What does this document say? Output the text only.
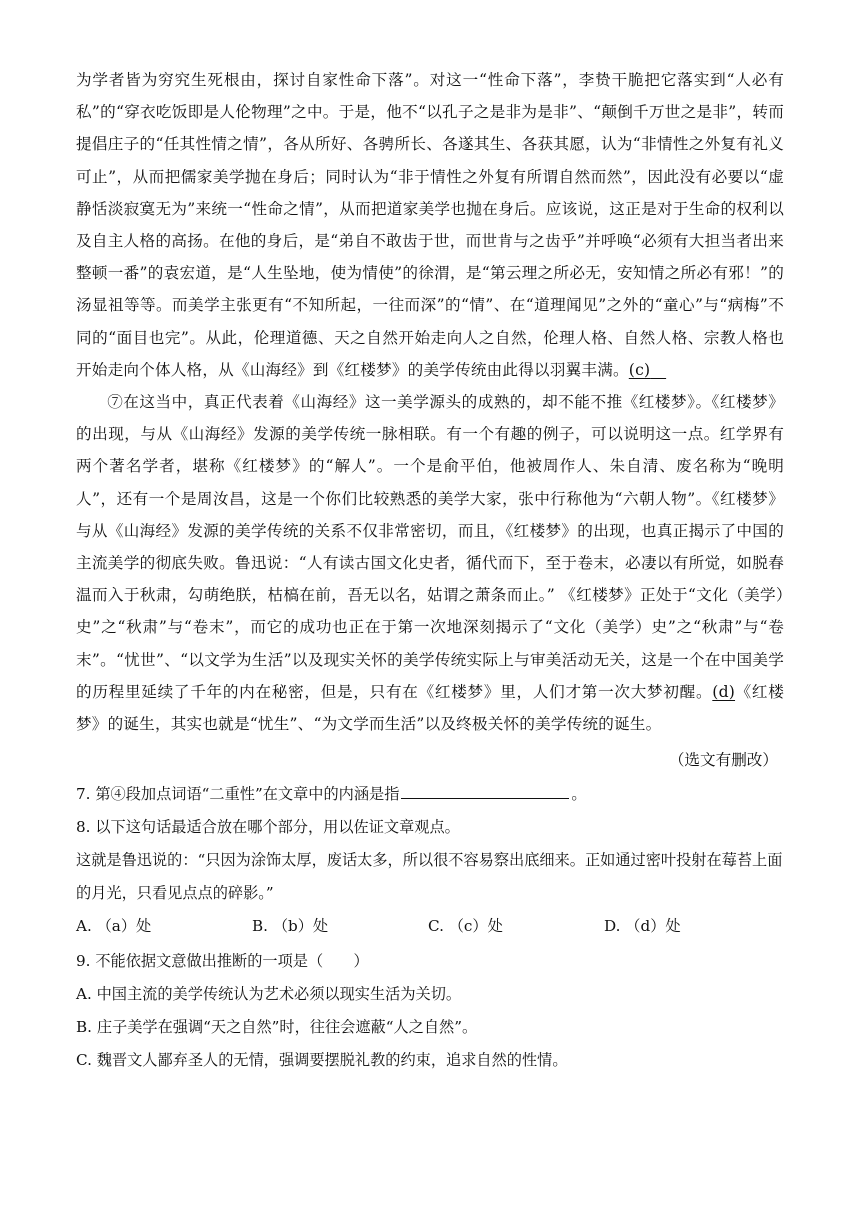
为学者皆为穷究生死根由，探讨自家性命下落”。对这一“性命下落”，李贽干脆把它落实到“人必有私”的“穿衣吃饭即是人伦物理”之中。于是，他不“以孔子之是非为是非”、“颠倒千万世之是非”，转而提倡庄子的“任其性情之情”，各从所好、各骋所长、各遂其生、各获其愿，认为“非情性之外复有礼义可止”，从而把儒家美学抛在身后；同时认为“非于情性之外复有所谓自然而然”，因此没有必要以“虚静恬淡寂寞无为”来统一“性命之情”，从而把道家美学也抛在身后。应该说，这正是对于生命的权利以及自主人格的高扬。在他的身后，是“弟自不敢齿于世，而世肯与之齿乎”并呼唤“必须有大担当者出来整顿一番”的袁宏道，是“人生坠地，使为情使”的徐渭，是“第云理之所必无，安知情之所必有邪！”的汤显祖等等。而美学主张更有“不知所起，一往而深”的“情”、在“道理闻见”之外的“童心”与“病梅”不同的“面目也完”。从此，伦理道德、天之自然开始走向人之自然，伦理人格、自然人格、宗教人格也开始走向个体人格，从《山海经》到《红楼梦》的美学传统由此得以羽翼丰满。(c) 

⑦在这当中，真正代表着《山海经》这一美学源头的成熟的，却不能不推《红楼梦》。《红楼梦》的出现，与从《山海经》发源的美学传统一脉相联。有一个有趣的例子，可以说明这一点。红学界有两个著名学者，堪称《红楼梦》的“解人”。一个是俞平伯，他被周作人、朱自清、废名称为“晚明人”，还有一个是周汝昌，这是一个你们比较熟悉的美学大家，张中行称他为“六朝人物”。《红楼梦》与从《山海经》发源的美学传统的关系不仅非常密切，而且，《红楼梦》的出现，也真正揭示了中国的主流美学的彻底失败。鲁迅说：“人有读古国文化史者，循代而下，至于卷末，必凄以有所觉，如脱春温而入于秋肃，勾萌绝朕，枯槁在前，吾无以名，姑谓之萧条而止。” 《红楼梦》正处于“文化（美学）史”之“秋肃”与“卷末”，而它的成功也正在于第一次地深刻揭示了“文化（美学）史”之“秋肃”与“卷末”。“忧世”、“以文学为生活”以及现实关怀的美学传统实际上与审美活动无关，这是一个在中国美学的历程里延续了千年的内在秘密，但是，只有在《红楼梦》里，人们才第一次大梦初醒。(d)《红楼梦》的诞生，其实也就是“忧生”、“为文学而生活”以及终极关怀的美学传统的诞生。

（选文有删改）

7. 第④段加点词语“二重性”在文章中的内涵是指	。

8. 以下这句话最适合放在哪个部分，用以佐证文章观点。

这就是鲁迅说的：“只因为涂饰太厚，废话太多，所以很不容易察出底细来。正如通过密叶投射在莓苔上面的月光，只看见点点的碎影。”

A. （a）处	B. （b）处	C. （c）处	D. （d）处

9. 不能依据文意做出推断的一项是（　　）

A. 中国主流的美学传统认为艺术必须以现实生活为关切。

B. 庄子美学在强调“天之自然”时，往往会遮蔽“人之自然”。

C. 魏晋文人鄙弃圣人的无情，强调要摆脱礼教的约束，追求自然的性情。
